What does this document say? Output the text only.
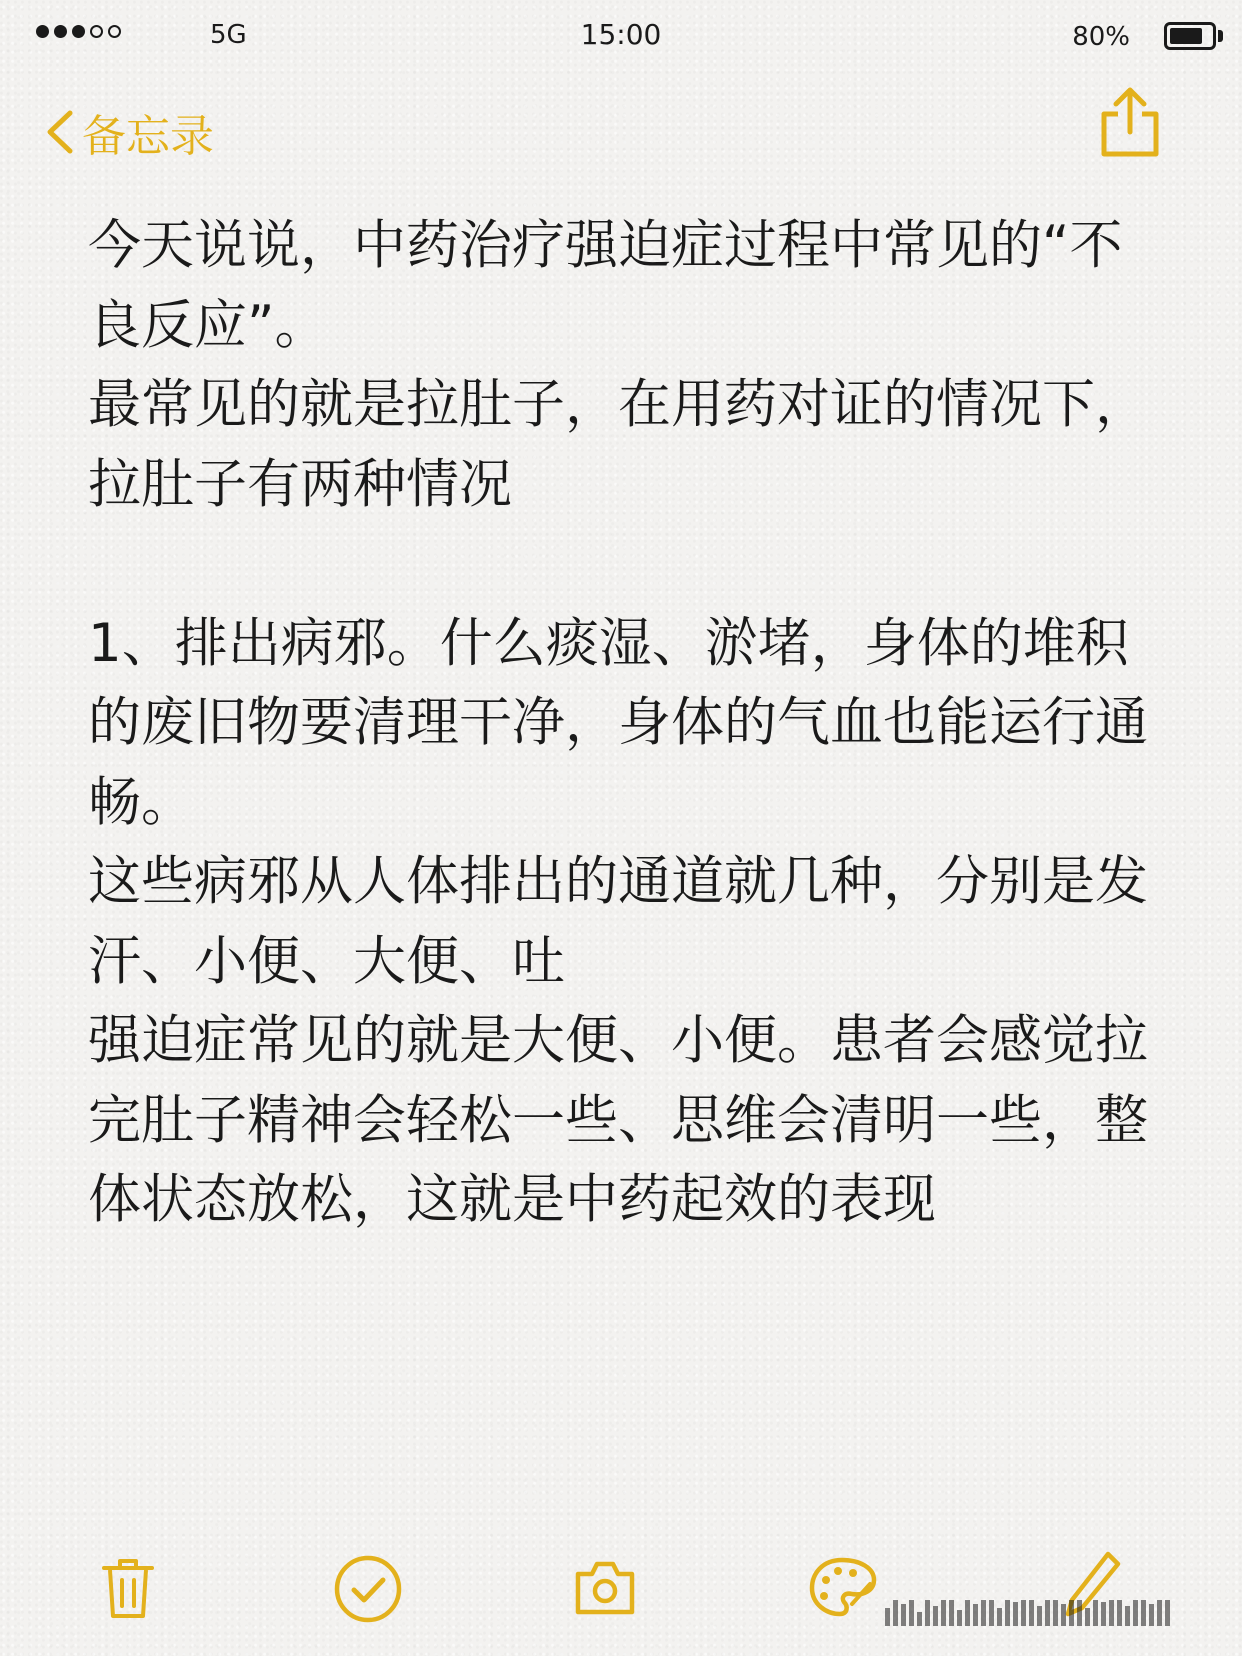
5G	15:00	80%
备忘录

今天说说，中药治疗强迫症过程中常见的“不良反应”。

最常见的就是拉肚子，在用药对证的情况下，拉肚子有两种情况

1、排出病邪。什么痰湿、淤堵，身体的堆积的废旧物要清理干净，身体的气血也能运行通畅。

这些病邪从人体排出的通道就几种，分别是发汗、小便、大便、吐

强迫症常见的就是大便、小便。患者会感觉拉完肚子精神会轻松一些、思维会清明一些，整体状态放松，这就是中药起效的表现
